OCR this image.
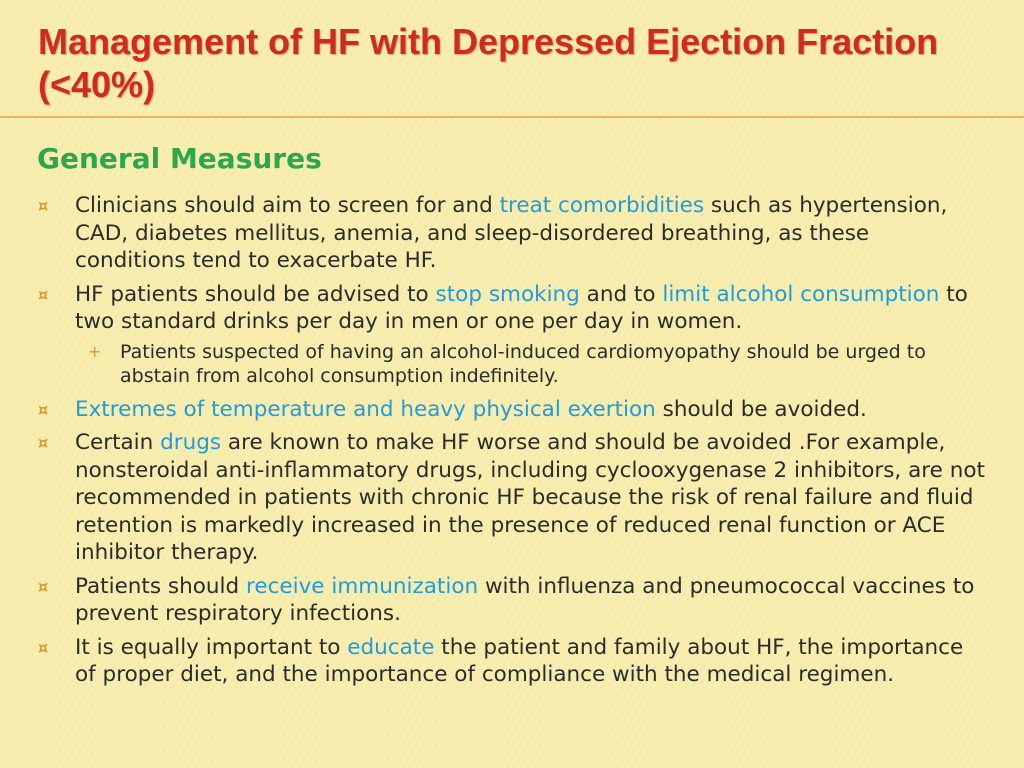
Management of HF with Depressed Ejection Fraction (<40%)
General Measures
¤ Clinicians should aim to screen for and treat comorbidities such as hypertension, CAD, diabetes mellitus, anemia, and sleep-disordered breathing, as these conditions tend to exacerbate HF.
¤ HF patients should be advised to stop smoking and to limit alcohol consumption to two standard drinks per day in men or one per day in women.
+ Patients suspected of having an alcohol-induced cardiomyopathy should be urged to abstain from alcohol consumption indefinitely.
¤ Extremes of temperature and heavy physical exertion should be avoided.
¤ Certain drugs are known to make HF worse and should be avoided .For example, nonsteroidal anti-inflammatory drugs, including cyclooxygenase 2 inhibitors, are not recommended in patients with chronic HF because the risk of renal failure and fluid retention is markedly increased in the presence of reduced renal function or ACE inhibitor therapy.
¤ Patients should receive immunization with influenza and pneumococcal vaccines to prevent respiratory infections.
¤ It is equally important to educate the patient and family about HF, the importance of proper diet, and the importance of compliance with the medical regimen.
